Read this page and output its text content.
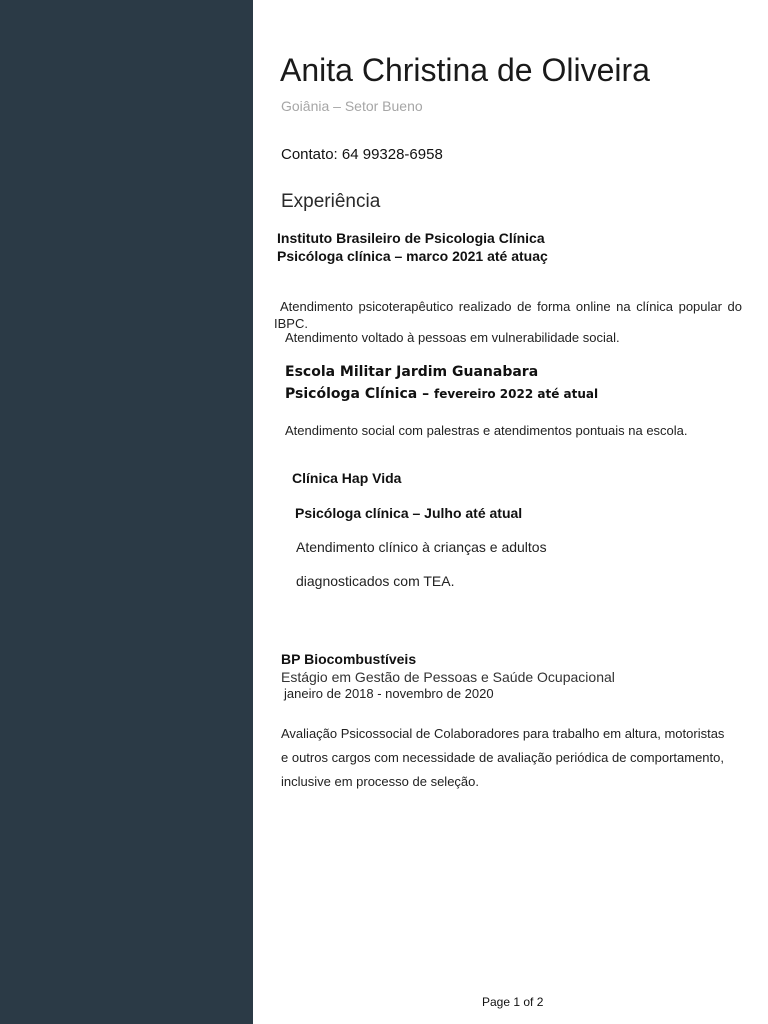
Anita Christina de Oliveira
Goiânia – Setor Bueno
Contato: 64 99328-6958
Experiência
Instituto Brasileiro de Psicologia Clínica
Psicóloga clínica – marco 2021 até atuaç
Atendimento psicoterapêutico realizado de forma online na clínica popular do IBPC.
Atendimento voltado à pessoas em vulnerabilidade social.
Escola Militar Jardim Guanabara
Psicóloga Clínica – fevereiro 2022 até atual
Atendimento social com palestras e atendimentos pontuais na escola.
Clínica Hap Vida
Psicóloga clínica – Julho até atual
Atendimento clínico à crianças e adultos
diagnosticados com TEA.
BP Biocombustíveis
Estágio em Gestão de Pessoas e Saúde Ocupacional
janeiro de 2018 - novembro de 2020
Avaliação Psicossocial de Colaboradores para trabalho em altura, motoristas
e outros cargos com necessidade de avaliação periódica de comportamento,
inclusive em processo de seleção.
Page 1 of 2
